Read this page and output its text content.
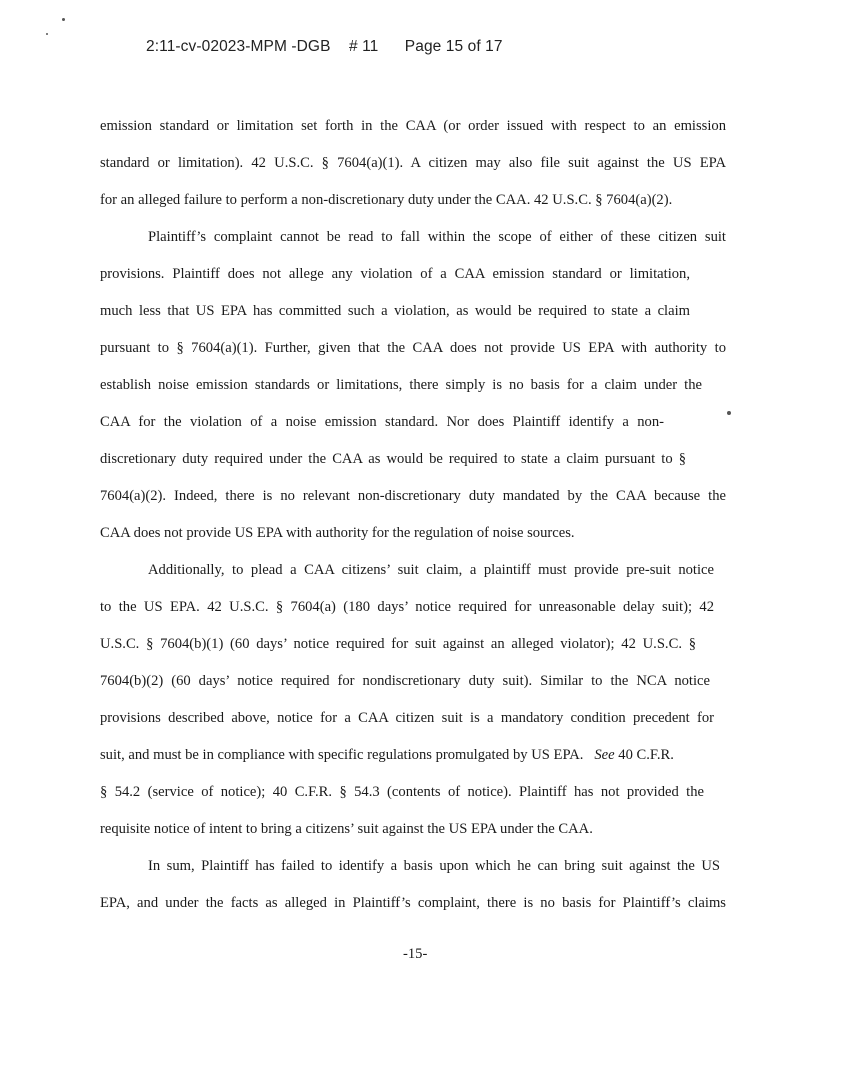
2:11-cv-02023-MPM -DGB # 11 Page 15 of 17
emission standard or limitation set forth in the CAA (or order issued with respect to an emission
standard or limitation). 42 U.S.C. § 7604(a)(1). A citizen may also file suit against the US EPA
for an alleged failure to perform a non-discretionary duty under the CAA. 42 U.S.C. § 7604(a)(2).
Plaintiff’s complaint cannot be read to fall within the scope of either of these citizen suit
provisions. Plaintiff does not allege any violation of a CAA emission standard or limitation,
much less that US EPA has committed such a violation, as would be required to state a claim
pursuant to § 7604(a)(1). Further, given that the CAA does not provide US EPA with authority to
establish noise emission standards or limitations, there simply is no basis for a claim under the
CAA for the violation of a noise emission standard. Nor does Plaintiff identify a non-
discretionary duty required under the CAA as would be required to state a claim pursuant to §
7604(a)(2). Indeed, there is no relevant non-discretionary duty mandated by the CAA because the
CAA does not provide US EPA with authority for the regulation of noise sources.
Additionally, to plead a CAA citizens’ suit claim, a plaintiff must provide pre-suit notice
to the US EPA. 42 U.S.C. § 7604(a) (180 days’ notice required for unreasonable delay suit); 42
U.S.C. § 7604(b)(1) (60 days’ notice required for suit against an alleged violator); 42 U.S.C. §
7604(b)(2) (60 days’ notice required for nondiscretionary duty suit). Similar to the NCA notice
provisions described above, notice for a CAA citizen suit is a mandatory condition precedent for
suit, and must be in compliance with specific regulations promulgated by US EPA. See 40 C.F.R.
§ 54.2 (service of notice); 40 C.F.R. § 54.3 (contents of notice). Plaintiff has not provided the
requisite notice of intent to bring a citizens’ suit against the US EPA under the CAA.
In sum, Plaintiff has failed to identify a basis upon which he can bring suit against the US
EPA, and under the facts as alleged in Plaintiff’s complaint, there is no basis for Plaintiff’s claims
-15-
